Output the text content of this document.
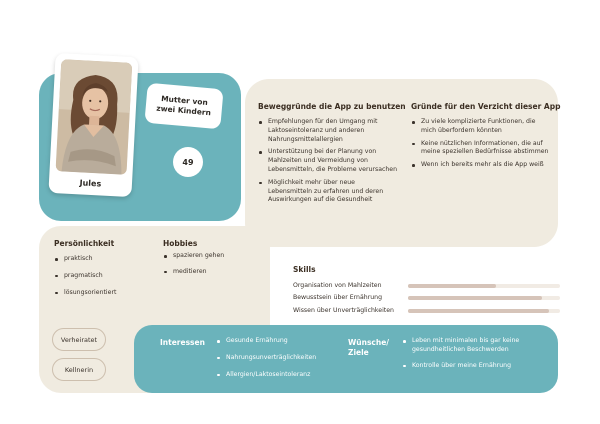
Jules
Mutter von zwei Kindern
49
Beweggründe die App zu benutzen
Empfehlungen für den Umgang mit Laktoseintoleranz und anderen Nahrungsmittelallergien
Unterstützung bei der Planung von Mahlzeiten und Vermeidung von Lebensmitteln, die Probleme verursachen
Möglichkeit mehr über neue Lebensmitteln zu erfahren und deren Auswirkungen auf die Gesundheit
Gründe für den Verzicht dieser App
Zu viele komplizierte Funktionen, die mich überfordern könnten
Keine nützlichen Informationen, die auf meine speziellen Bedürfnisse abstimmen
Wenn ich bereits mehr als die App weiß
Persönlichkeit
praktisch
pragmatisch
lösungsorientiert
Hobbies
spazieren gehen
meditieren
Verheiratet
Kellnerin
Skills
Organisation von Mahlzeiten
Bewusstsein über Ernährung
Wissen über Unverträglichkeiten
Interessen	Gesunde Ernährung
Nahrungsunverträglichkeiten
Allergien/Laktoseintoleranz
Wünsche/ Ziele
Leben mit minimalen bis gar keine gesundheitlichen Beschwerden
Kontrolle über meine Ernährung
